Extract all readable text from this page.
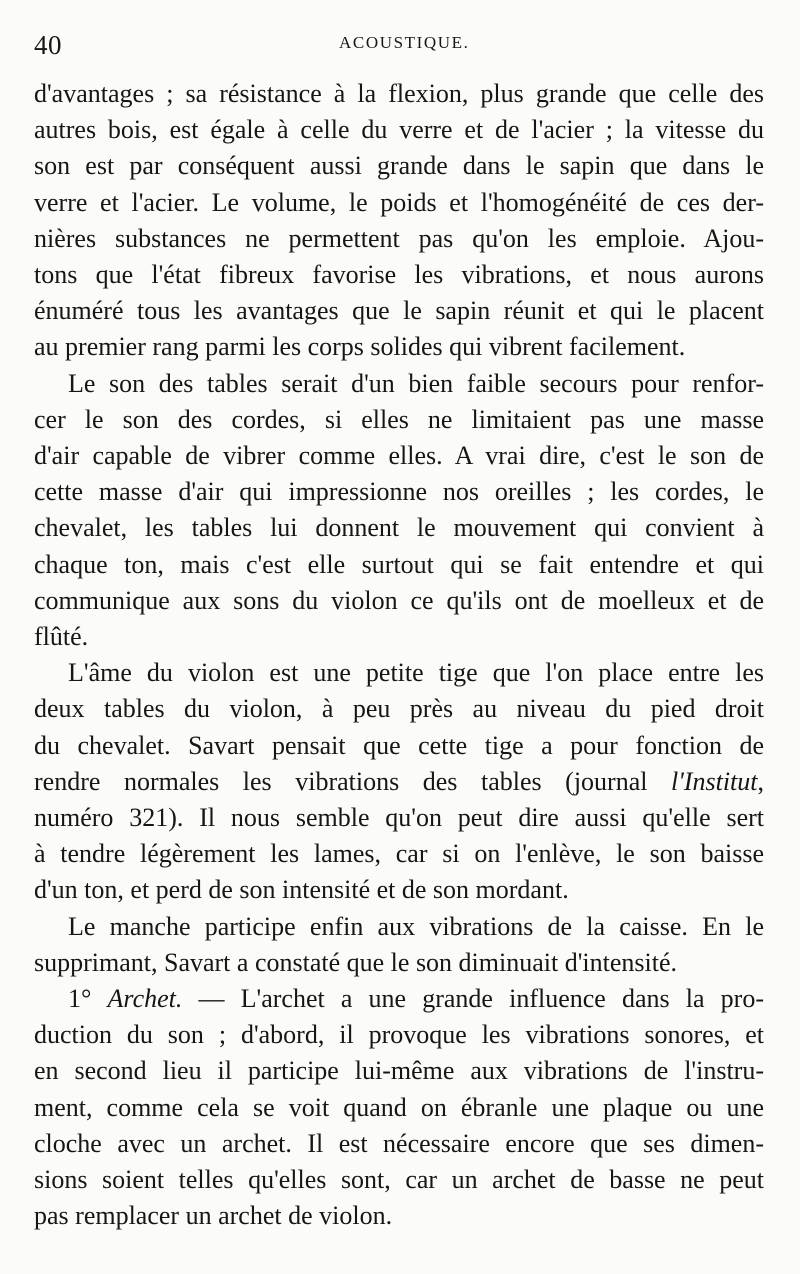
40	ACOUSTIQUE.

d'avantages ; sa résistance à la flexion, plus grande que celle des
autres bois, est égale à celle du verre et de l'acier ; la vitesse du
son est par conséquent aussi grande dans le sapin que dans le
verre et l'acier. Le volume, le poids et l'homogénéité de ces der-
nières substances ne permettent pas qu'on les emploie. Ajou-
tons que l'état fibreux favorise les vibrations, et nous aurons
énuméré tous les avantages que le sapin réunit et qui le placent
au premier rang parmi les corps solides qui vibrent facilement.

Le son des tables serait d'un bien faible secours pour renfor-
cer le son des cordes, si elles ne limitaient pas une masse
d'air capable de vibrer comme elles. A vrai dire, c'est le son de
cette masse d'air qui impressionne nos oreilles ; les cordes, le
chevalet, les tables lui donnent le mouvement qui convient à
chaque ton, mais c'est elle surtout qui se fait entendre et qui
communique aux sons du violon ce qu'ils ont de moelleux et de
flûté.

L'âme du violon est une petite tige que l'on place entre les
deux tables du violon, à peu près au niveau du pied droit
du chevalet. Savart pensait que cette tige a pour fonction de
rendre normales les vibrations des tables (journal l'Institut,
numéro 321). Il nous semble qu'on peut dire aussi qu'elle sert
à tendre légèrement les lames, car si on l'enlève, le son baisse
d'un ton, et perd de son intensité et de son mordant.

Le manche participe enfin aux vibrations de la caisse. En le
supprimant, Savart a constaté que le son diminuait d'intensité.

1° Archet. — L'archet a une grande influence dans la pro-
duction du son ; d'abord, il provoque les vibrations sonores, et
en second lieu il participe lui-même aux vibrations de l'instru-
ment, comme cela se voit quand on ébranle une plaque ou une
cloche avec un archet. Il est nécessaire encore que ses dimen-
sions soient telles qu'elles sont, car un archet de basse ne peut
pas remplacer un archet de violon.
